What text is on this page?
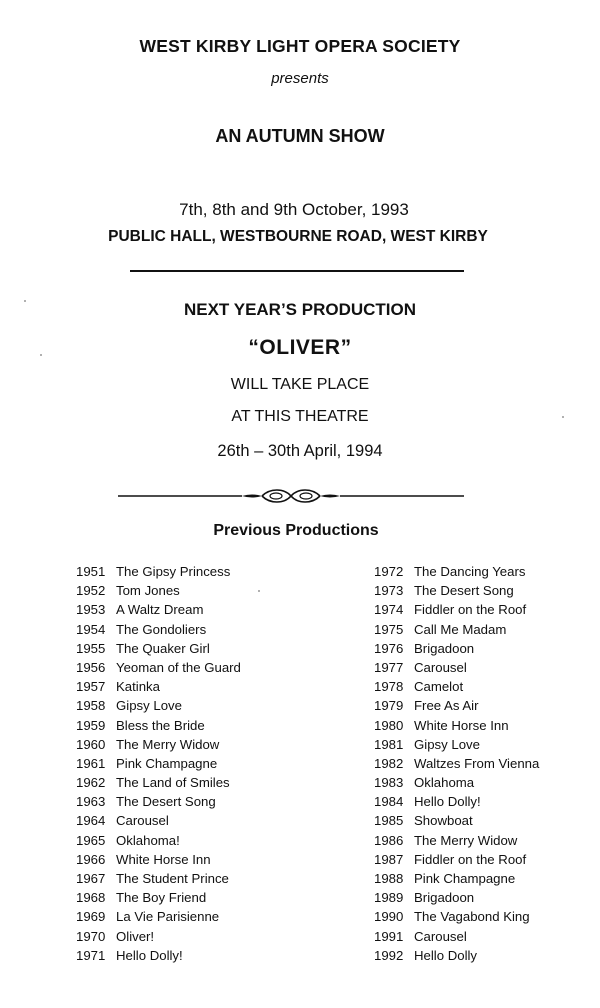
WEST KIRBY LIGHT OPERA SOCIETY

presents

AN AUTUMN SHOW

7th, 8th and 9th October, 1993

PUBLIC HALL, WESTBOURNE ROAD, WEST KIRBY

NEXT YEAR’S PRODUCTION

“OLIVER”

WILL TAKE PLACE

AT THIS THEATRE

26th – 30th April, 1994

Previous Productions

1951 The Gipsy Princess
1952 Tom Jones
1953 A Waltz Dream
1954 The Gondoliers
1955 The Quaker Girl
1956 Yeoman of the Guard
1957 Katinka
1958 Gipsy Love
1959 Bless the Bride
1960 The Merry Widow
1961 Pink Champagne
1962 The Land of Smiles
1963 The Desert Song
1964 Carousel
1965 Oklahoma!
1966 White Horse Inn
1967 The Student Prince
1968 The Boy Friend
1969 La Vie Parisienne
1970 Oliver!
1971 Hello Dolly!
1972 The Dancing Years
1973 The Desert Song
1974 Fiddler on the Roof
1975 Call Me Madam
1976 Brigadoon
1977 Carousel
1978 Camelot
1979 Free As Air
1980 White Horse Inn
1981 Gipsy Love
1982 Waltzes From Vienna
1983 Oklahoma
1984 Hello Dolly!
1985 Showboat
1986 The Merry Widow
1987 Fiddler on the Roof
1988 Pink Champagne
1989 Brigadoon
1990 The Vagabond King
1991 Carousel
1992 Hello Dolly
